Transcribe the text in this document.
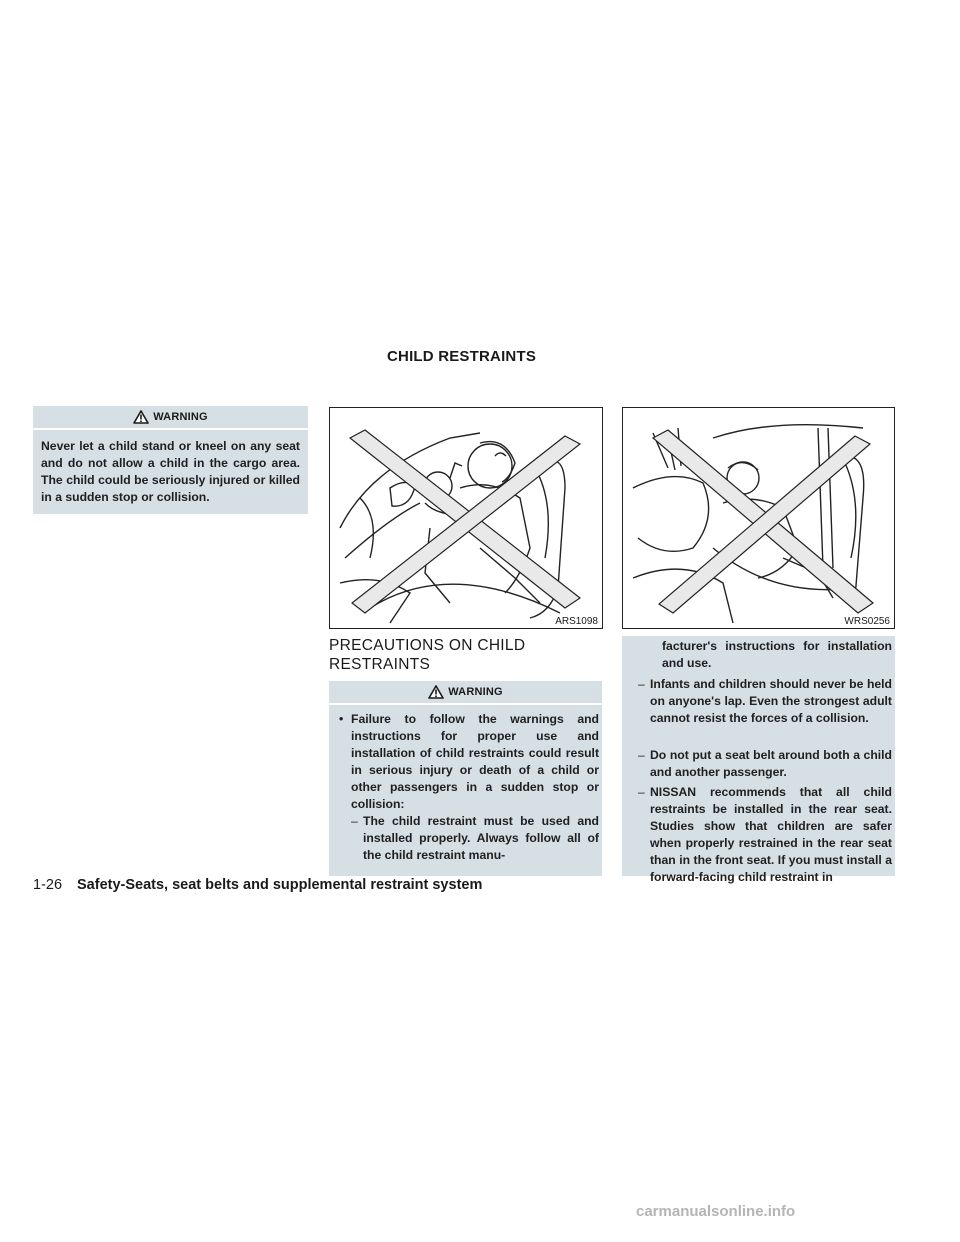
CHILD RESTRAINTS
WARNING
Never let a child stand or kneel on any seat and do not allow a child in the cargo area. The child could be seriously injured or killed in a sudden stop or collision.
ARS1098	WRS0256
PRECAUTIONS ON CHILD RESTRAINTS
WARNING
• Failure to follow the warnings and instructions for proper use and installation of child restraints could result in serious injury or death of a child or other passengers in a sudden stop or collision:
– The child restraint must be used and installed properly. Always follow all of the child restraint manu-
facturer's instructions for installation and use.
– Infants and children should never be held on anyone's lap. Even the strongest adult cannot resist the forces of a collision.
– Do not put a seat belt around both a child and another passenger.
– NISSAN recommends that all child restraints be installed in the rear seat. Studies show that children are safer when properly restrained in the rear seat than in the front seat. If you must install a forward-facing child restraint in
1-26 Safety-Seats, seat belts and supplemental restraint system
carmanualsonline.info
